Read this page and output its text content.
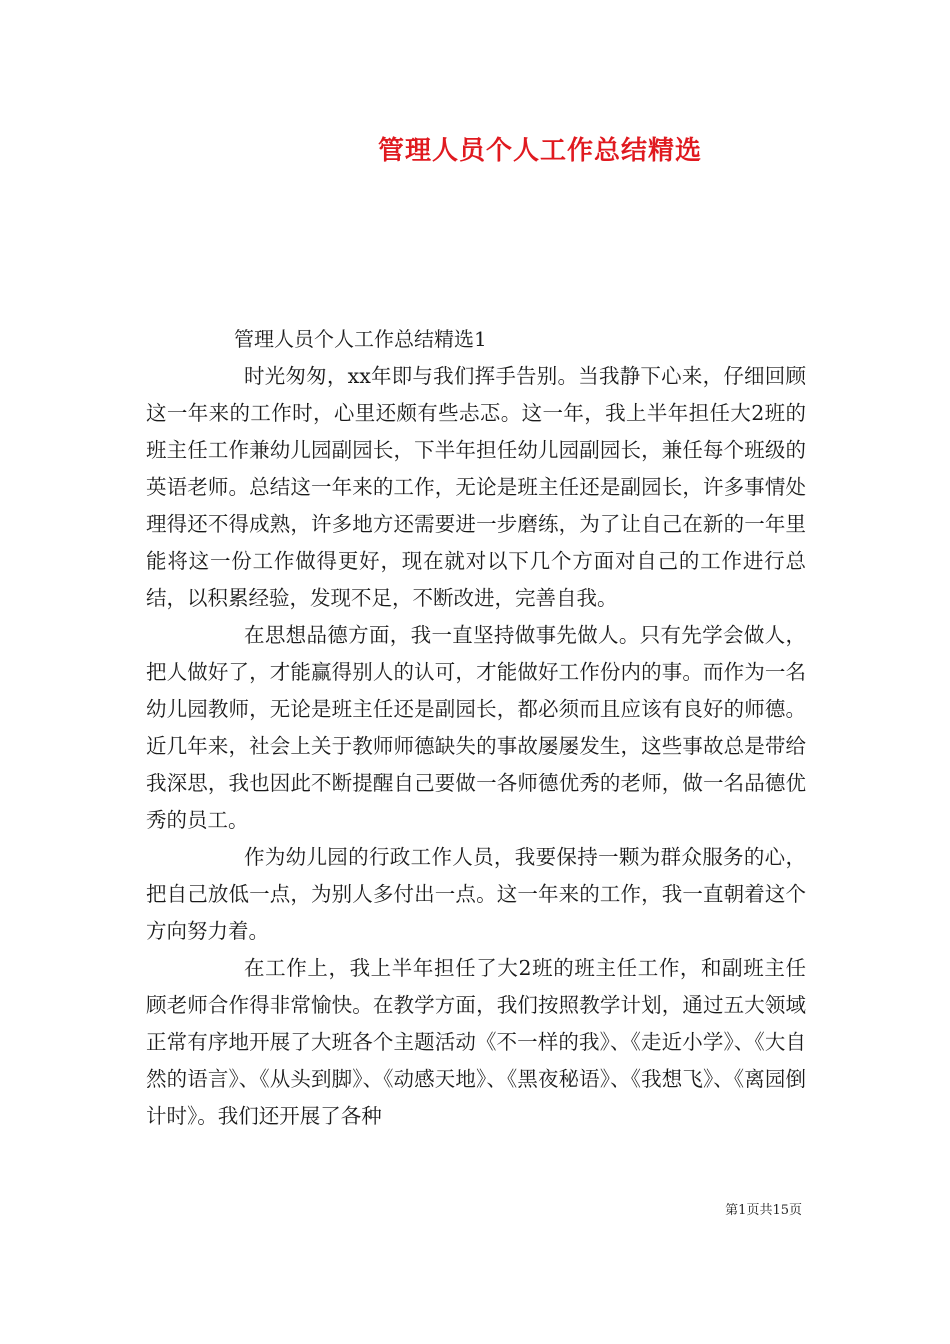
管理人员个人工作总结精选

管理人员个人工作总结精选1

时光匆匆，xx年即与我们挥手告别。当我静下心来，仔细回顾这一年来的工作时，心里还颇有些忐忑。这一年，我上半年担任大2班的班主任工作兼幼儿园副园长，下半年担任幼儿园副园长，兼任每个班级的英语老师。总结这一年来的工作，无论是班主任还是副园长，许多事情处理得还不得成熟，许多地方还需要进一步磨练，为了让自己在新的一年里能将这一份工作做得更好，现在就对以下几个方面对自己的工作进行总结，以积累经验，发现不足，不断改进，完善自我。

在思想品德方面，我一直坚持做事先做人。只有先学会做人，把人做好了，才能赢得别人的认可，才能做好工作份内的事。而作为一名幼儿园教师，无论是班主任还是副园长，都必须而且应该有良好的师德。近几年来，社会上关于教师师德缺失的事故屡屡发生，这些事故总是带给我深思，我也因此不断提醒自己要做一各师德优秀的老师，做一名品德优秀的员工。

作为幼儿园的行政工作人员，我要保持一颗为群众服务的心，把自己放低一点，为别人多付出一点。这一年来的工作，我一直朝着这个方向努力着。

在工作上，我上半年担任了大2班的班主任工作，和副班主任顾老师合作得非常愉快。在教学方面，我们按照教学计划，通过五大领域正常有序地开展了大班各个主题活动《不一样的我》、《走近小学》、《大自然的语言》、《从头到脚》、《动感天地》、《黑夜秘语》、《我想飞》、《离园倒计时》。我们还开展了各种

第1页共15页
